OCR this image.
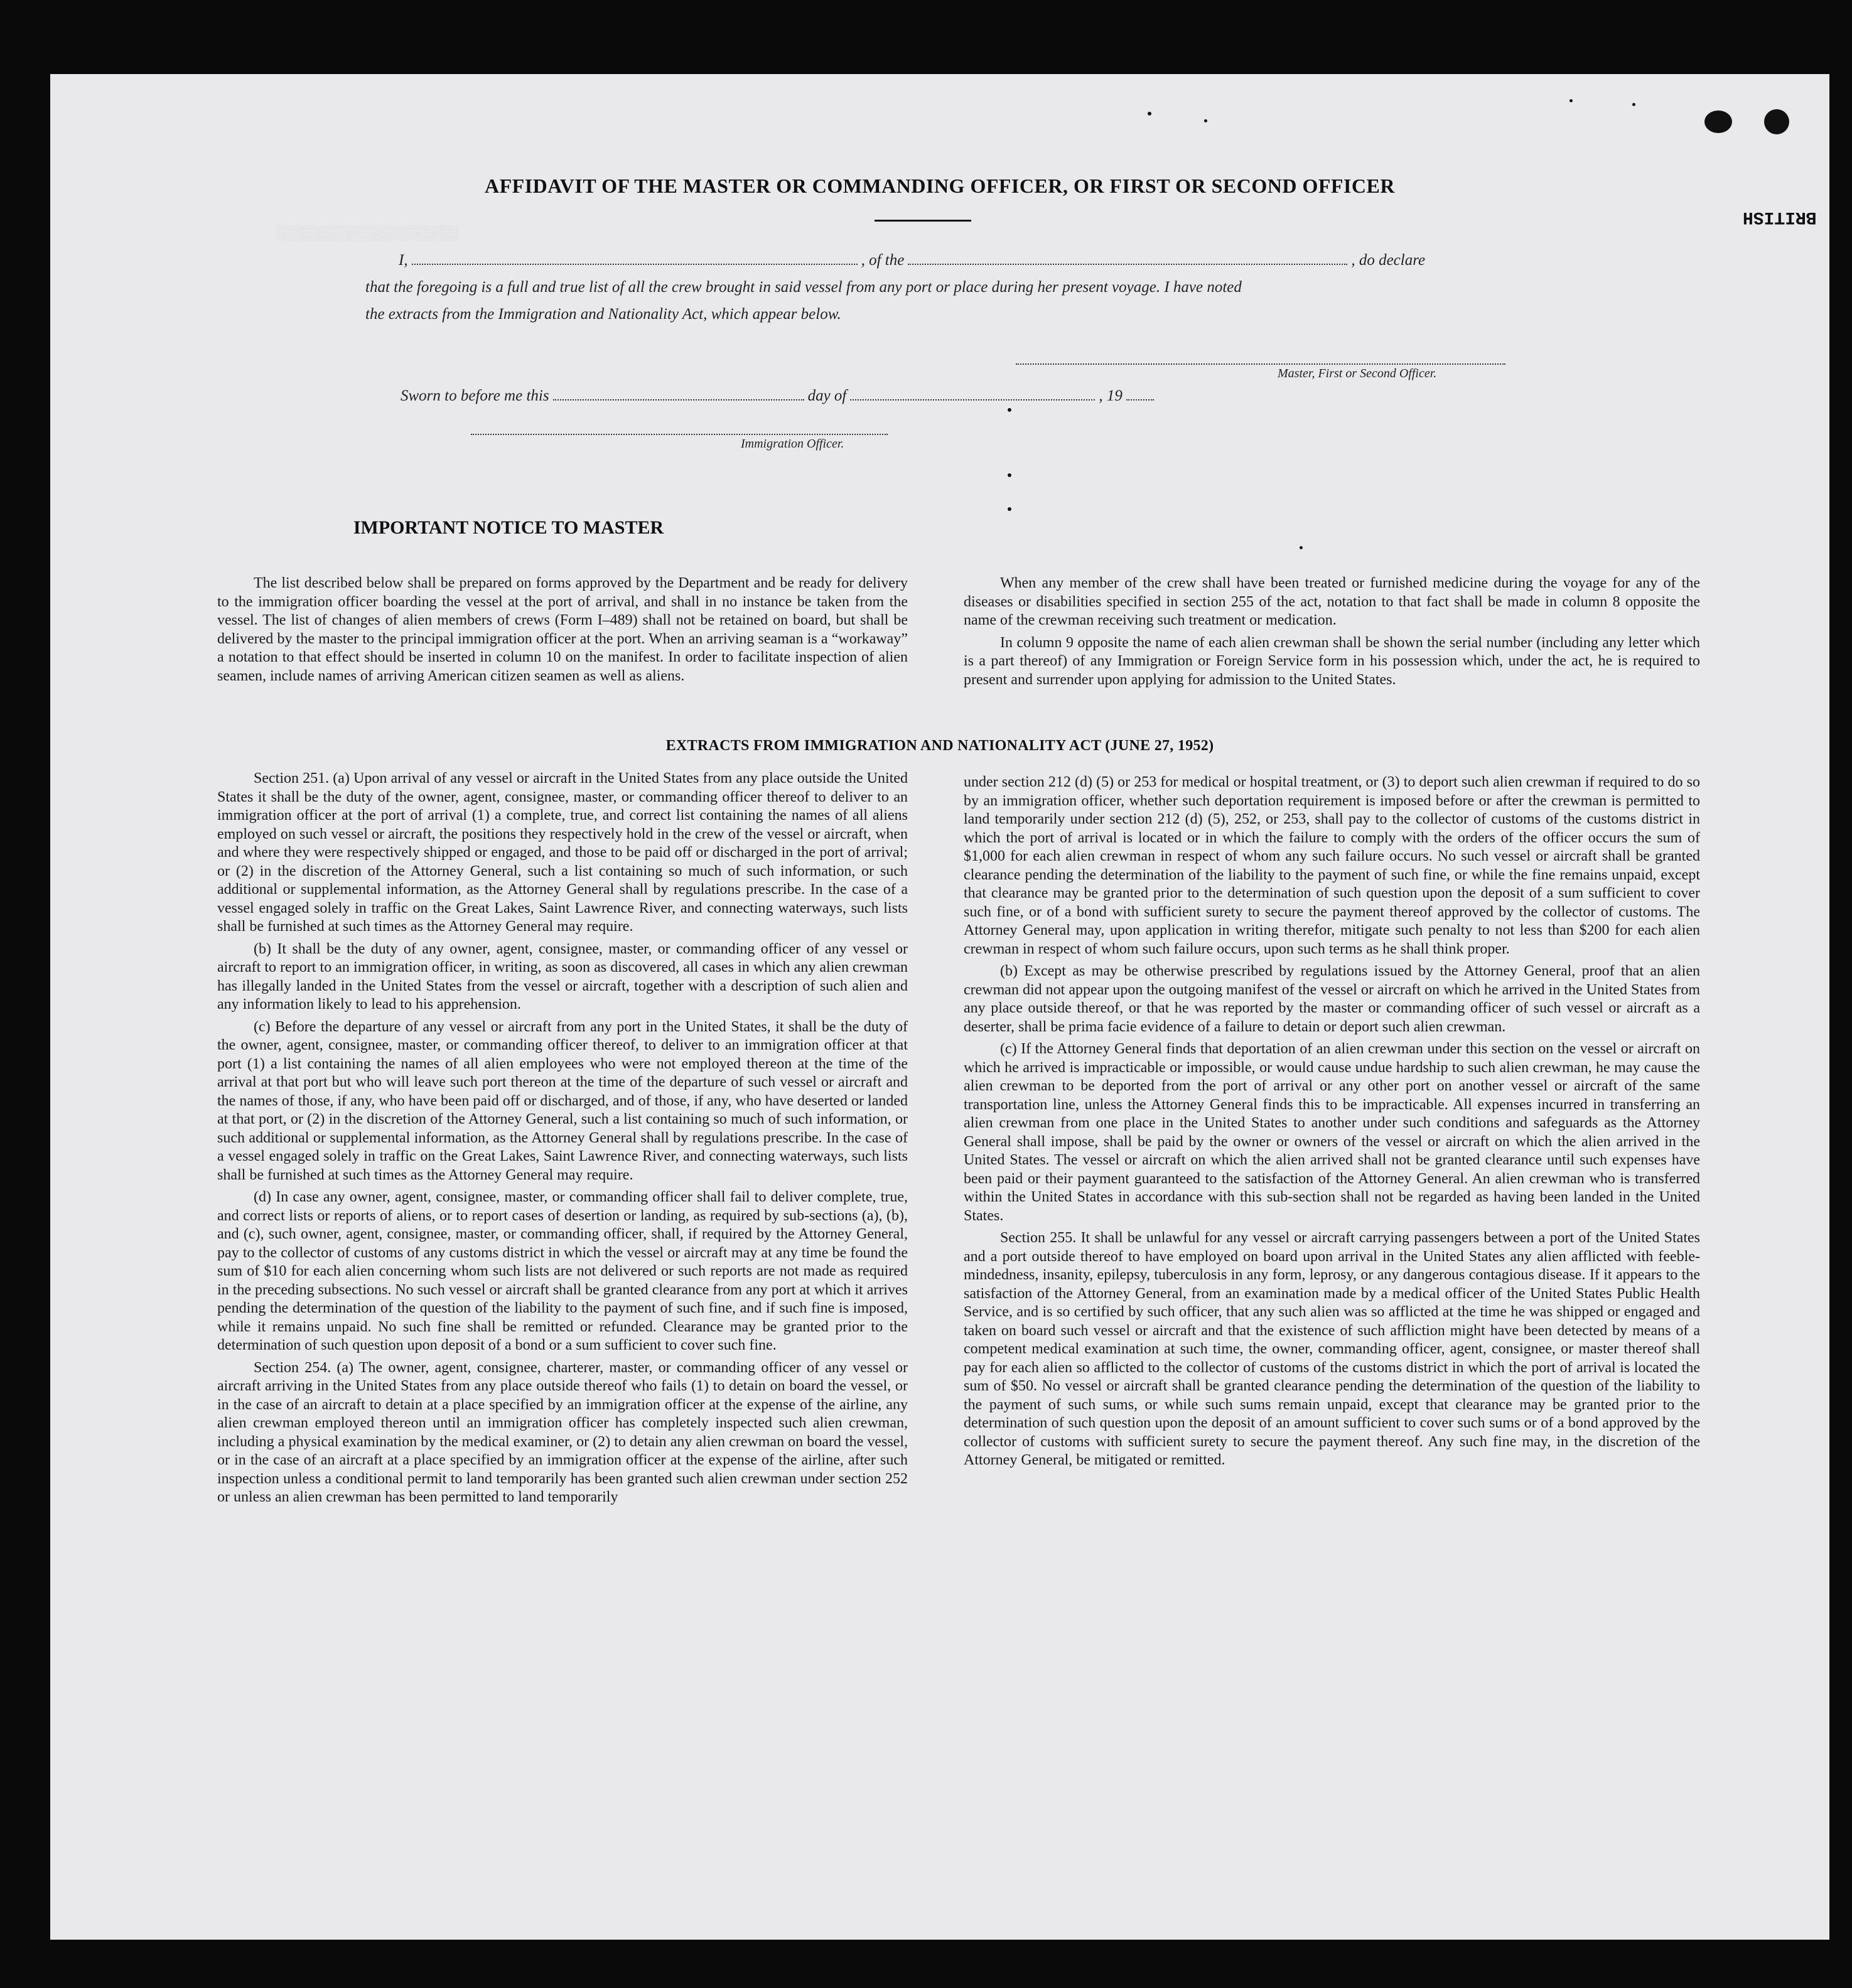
░░░░░░░░░░░░░░░░░░░░░░
AFFIDAVIT OF THE MASTER OR COMMANDING OFFICER, OR FIRST OR SECOND OFFICER
BRITISH
I,	, of the	, do declare
that the foregoing is a full and true list of all the crew brought in said vessel from any port or place during her present voyage. I have noted
the extracts from the Immigration and Nationality Act, which appear below.
Master, First or Second Officer.
Sworn to before me this	day of	, 19
Immigration Officer.
IMPORTANT NOTICE TO MASTER

The list described below shall be prepared on forms approved by the Department and be ready for delivery to the immigration officer boarding the vessel at the port of arrival, and shall in no instance be taken from the vessel. The list of changes of alien members of crews (Form I–489) shall not be retained on board, but shall be delivered by the master to the principal immigration officer at the port. When an arriving seaman is a “workaway” a notation to that effect should be inserted in column 10 on the manifest. In order to facilitate inspection of alien seamen, include names of arriving American citizen seamen as well as aliens.

When any member of the crew shall have been treated or furnished medicine during the voyage for any of the diseases or disabilities specified in section 255 of the act, notation to that fact shall be made in column 8 opposite the name of the crewman receiving such treatment or medication.

In column 9 opposite the name of each alien crewman shall be shown the serial number (including any letter which is a part thereof) of any Immigration or Foreign Service form in his possession which, under the act, he is required to present and surrender upon applying for admission to the United States.

EXTRACTS FROM IMMIGRATION AND NATIONALITY ACT (JUNE 27, 1952)

Section 251. (a) Upon arrival of any vessel or aircraft in the United States from any place outside the United States it shall be the duty of the owner, agent, consignee, master, or commanding officer thereof to deliver to an immigration officer at the port of arrival (1) a complete, true, and correct list containing the names of all aliens employed on such vessel or aircraft, the positions they respectively hold in the crew of the vessel or aircraft, when and where they were respectively shipped or engaged, and those to be paid off or discharged in the port of arrival; or (2) in the discretion of the Attorney General, such a list containing so much of such information, or such additional or supplemental information, as the Attorney General shall by regulations prescribe. In the case of a vessel engaged solely in traffic on the Great Lakes, Saint Lawrence River, and connecting waterways, such lists shall be furnished at such times as the Attorney General may require.

(b) It shall be the duty of any owner, agent, consignee, master, or commanding officer of any vessel or aircraft to report to an immigration officer, in writing, as soon as discovered, all cases in which any alien crewman has illegally landed in the United States from the vessel or aircraft, together with a description of such alien and any information likely to lead to his apprehension.

(c) Before the departure of any vessel or aircraft from any port in the United States, it shall be the duty of the owner, agent, consignee, master, or commanding officer thereof, to deliver to an immigration officer at that port (1) a list containing the names of all alien employees who were not employed thereon at the time of the arrival at that port but who will leave such port thereon at the time of the departure of such vessel or aircraft and the names of those, if any, who have been paid off or discharged, and of those, if any, who have deserted or landed at that port, or (2) in the discretion of the Attorney General, such a list containing so much of such information, or such additional or supplemental information, as the Attorney General shall by regulations prescribe. In the case of a vessel engaged solely in traffic on the Great Lakes, Saint Lawrence River, and connecting waterways, such lists shall be furnished at such times as the Attorney General may require.

(d) In case any owner, agent, consignee, master, or commanding officer shall fail to deliver complete, true, and correct lists or reports of aliens, or to report cases of desertion or landing, as required by sub-sections (a), (b), and (c), such owner, agent, consignee, master, or commanding officer, shall, if required by the Attorney General, pay to the collector of customs of any customs district in which the vessel or aircraft may at any time be found the sum of $10 for each alien concerning whom such lists are not delivered or such reports are not made as required in the preceding subsections. No such vessel or aircraft shall be granted clearance from any port at which it arrives pending the determination of the question of the liability to the payment of such fine, and if such fine is imposed, while it remains unpaid. No such fine shall be remitted or refunded. Clearance may be granted prior to the determination of such question upon deposit of a bond or a sum sufficient to cover such fine.

Section 254. (a) The owner, agent, consignee, charterer, master, or commanding officer of any vessel or aircraft arriving in the United States from any place outside thereof who fails (1) to detain on board the vessel, or in the case of an aircraft to detain at a place specified by an immigration officer at the expense of the airline, any alien crewman employed thereon until an immigration officer has completely inspected such alien crewman, including a physical examination by the medical examiner, or (2) to detain any alien crewman on board the vessel, or in the case of an aircraft at a place specified by an immigration officer at the expense of the airline, after such inspection unless a conditional permit to land temporarily has been granted such alien crewman under section 252 or unless an alien crewman has been permitted to land temporarily

under section 212 (d) (5) or 253 for medical or hospital treatment, or (3) to deport such alien crewman if required to do so by an immigration officer, whether such deportation requirement is imposed before or after the crewman is permitted to land temporarily under section 212 (d) (5), 252, or 253, shall pay to the collector of customs of the customs district in which the port of arrival is located or in which the failure to comply with the orders of the officer occurs the sum of $1,000 for each alien crewman in respect of whom any such failure occurs. No such vessel or aircraft shall be granted clearance pending the determination of the liability to the payment of such fine, or while the fine remains unpaid, except that clearance may be granted prior to the determination of such question upon the deposit of a sum sufficient to cover such fine, or of a bond with sufficient surety to secure the payment thereof approved by the collector of customs. The Attorney General may, upon application in writing therefor, mitigate such penalty to not less than $200 for each alien crewman in respect of whom such failure occurs, upon such terms as he shall think proper.

(b) Except as may be otherwise prescribed by regulations issued by the Attorney General, proof that an alien crewman did not appear upon the outgoing manifest of the vessel or aircraft on which he arrived in the United States from any place outside thereof, or that he was reported by the master or commanding officer of such vessel or aircraft as a deserter, shall be prima facie evidence of a failure to detain or deport such alien crewman.

(c) If the Attorney General finds that deportation of an alien crewman under this section on the vessel or aircraft on which he arrived is impracticable or impossible, or would cause undue hardship to such alien crewman, he may cause the alien crewman to be deported from the port of arrival or any other port on another vessel or aircraft of the same transportation line, unless the Attorney General finds this to be impracticable. All expenses incurred in transferring an alien crewman from one place in the United States to another under such conditions and safeguards as the Attorney General shall impose, shall be paid by the owner or owners of the vessel or aircraft on which the alien arrived in the United States. The vessel or aircraft on which the alien arrived shall not be granted clearance until such expenses have been paid or their payment guaranteed to the satisfaction of the Attorney General. An alien crewman who is transferred within the United States in accordance with this sub-section shall not be regarded as having been landed in the United States.

Section 255. It shall be unlawful for any vessel or aircraft carrying passengers between a port of the United States and a port outside thereof to have employed on board upon arrival in the United States any alien afflicted with feeble-mindedness, insanity, epilepsy, tuberculosis in any form, leprosy, or any dangerous contagious disease. If it appears to the satisfaction of the Attorney General, from an examination made by a medical officer of the United States Public Health Service, and is so certified by such officer, that any such alien was so afflicted at the time he was shipped or engaged and taken on board such vessel or aircraft and that the existence of such affliction might have been detected by means of a competent medical examination at such time, the owner, commanding officer, agent, consignee, or master thereof shall pay for each alien so afflicted to the collector of customs of the customs district in which the port of arrival is located the sum of $50. No vessel or aircraft shall be granted clearance pending the determination of the question of the liability to the payment of such sums, or while such sums remain unpaid, except that clearance may be granted prior to the determination of such question upon the deposit of an amount sufficient to cover such sums or of a bond approved by the collector of customs with sufficient surety to secure the payment thereof. Any such fine may, in the discretion of the Attorney General, be mitigated or remitted.
